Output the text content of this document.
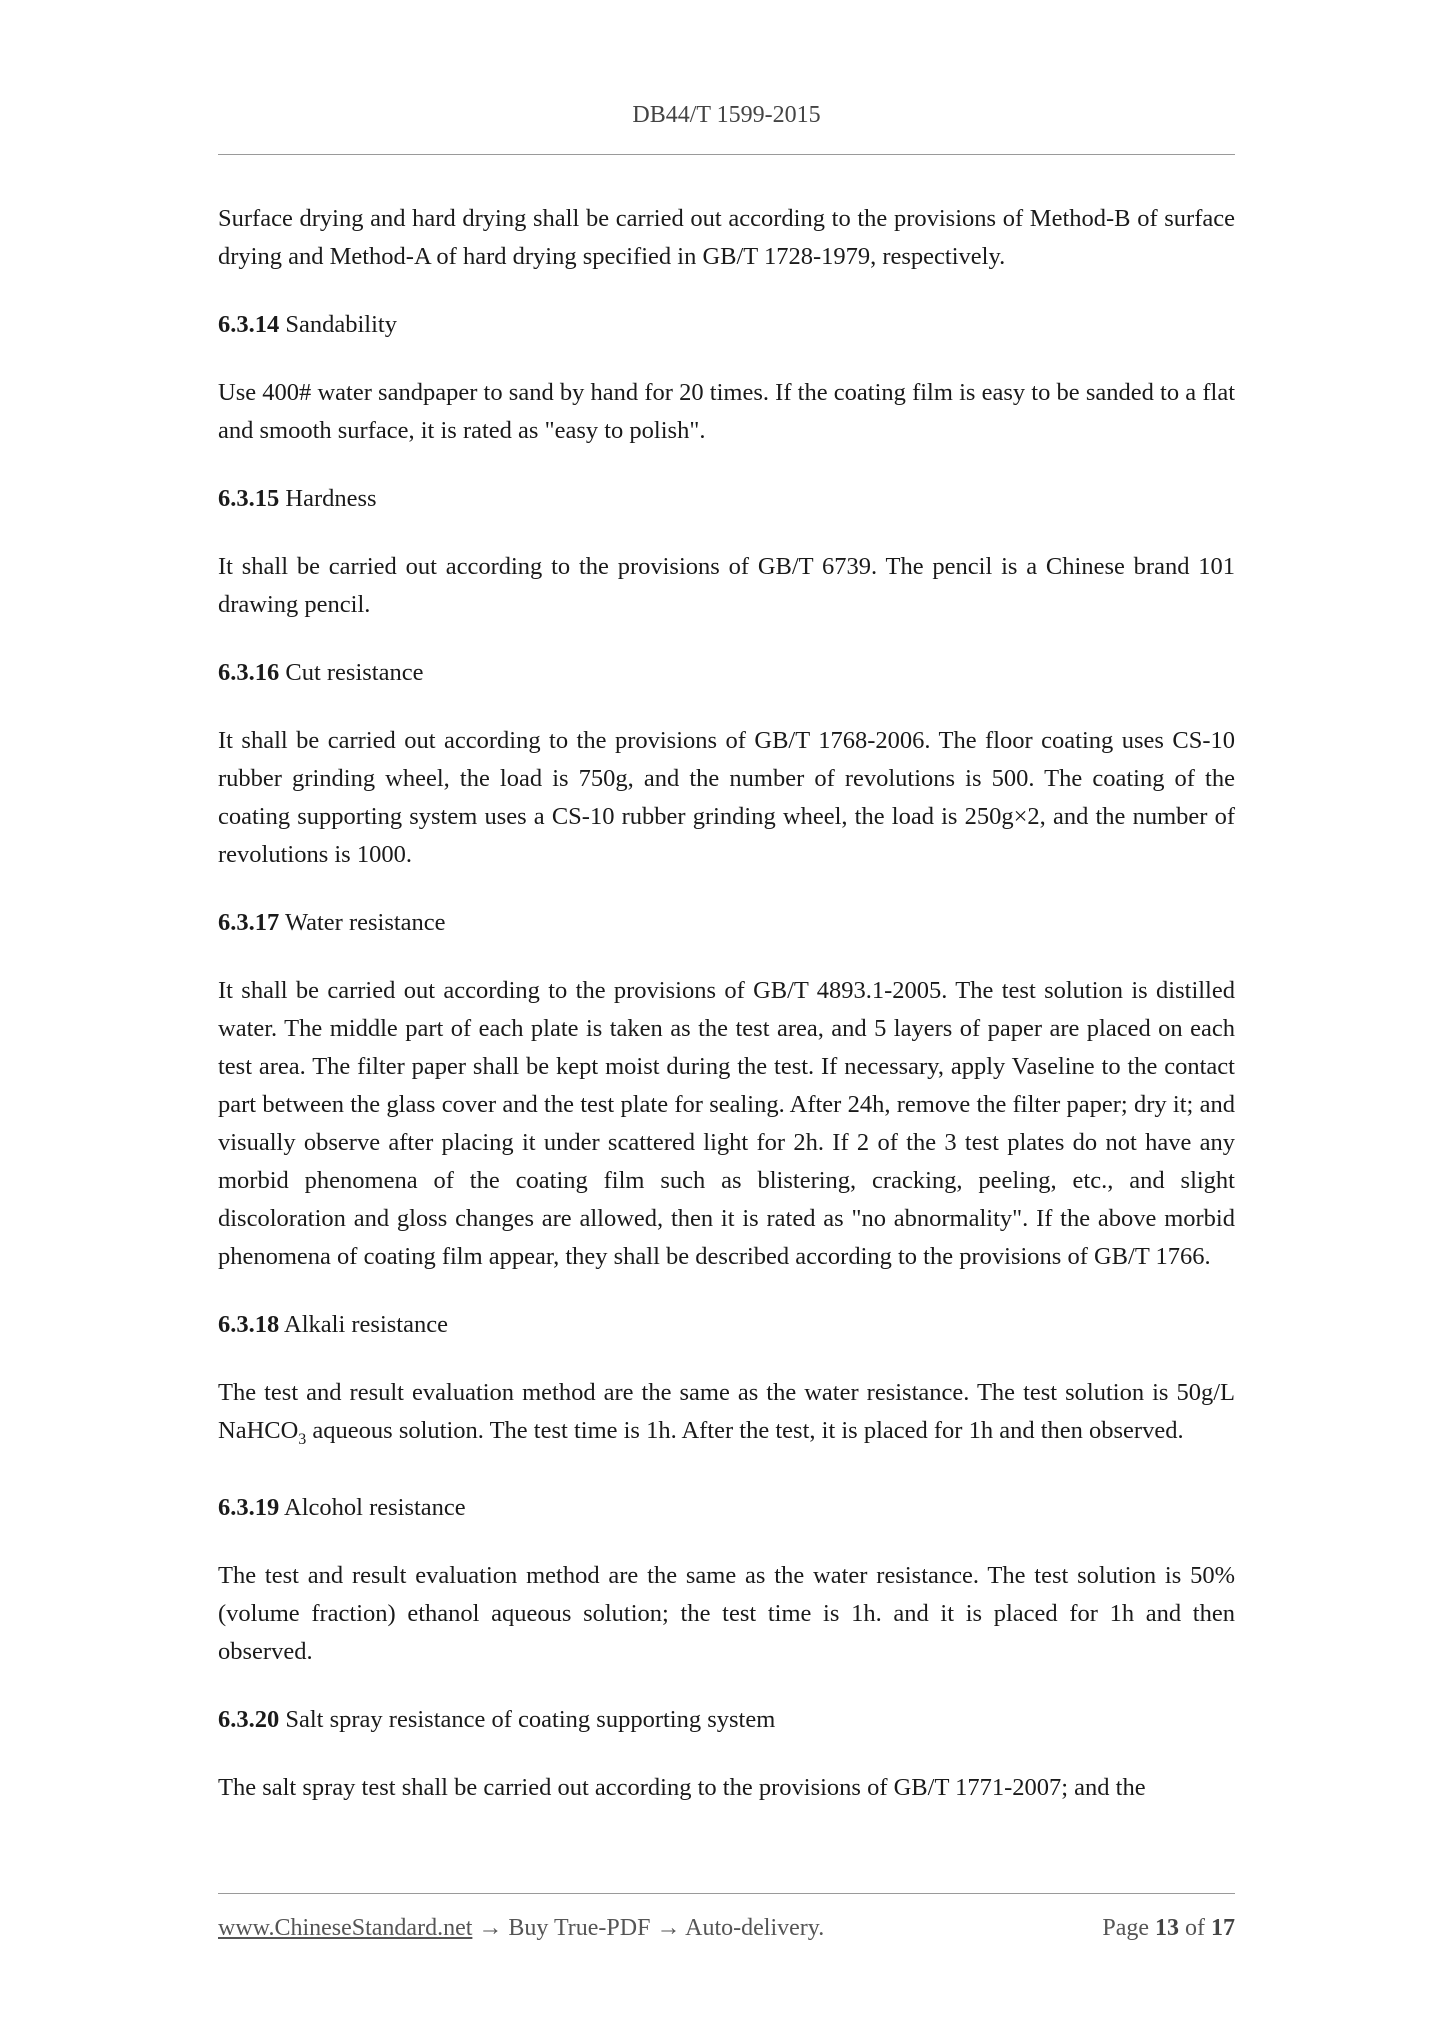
DB44/T 1599-2015

Surface drying and hard drying shall be carried out according to the provisions of Method-B of surface drying and Method-A of hard drying specified in GB/T 1728-1979, respectively.

6.3.14 Sandability

Use 400# water sandpaper to sand by hand for 20 times. If the coating film is easy to be sanded to a flat and smooth surface, it is rated as "easy to polish".

6.3.15 Hardness

It shall be carried out according to the provisions of GB/T 6739. The pencil is a Chinese brand 101 drawing pencil.

6.3.16 Cut resistance

It shall be carried out according to the provisions of GB/T 1768-2006. The floor coating uses CS-10 rubber grinding wheel, the load is 750g, and the number of revolutions is 500. The coating of the coating supporting system uses a CS-10 rubber grinding wheel, the load is 250g×2, and the number of revolutions is 1000.

6.3.17 Water resistance

It shall be carried out according to the provisions of GB/T 4893.1-2005. The test solution is distilled water. The middle part of each plate is taken as the test area, and 5 layers of paper are placed on each test area. The filter paper shall be kept moist during the test. If necessary, apply Vaseline to the contact part between the glass cover and the test plate for sealing. After 24h, remove the filter paper; dry it; and visually observe after placing it under scattered light for 2h. If 2 of the 3 test plates do not have any morbid phenomena of the coating film such as blistering, cracking, peeling, etc., and slight discoloration and gloss changes are allowed, then it is rated as "no abnormality". If the above morbid phenomena of coating film appear, they shall be described according to the provisions of GB/T 1766.

6.3.18 Alkali resistance

The test and result evaluation method are the same as the water resistance. The test solution is 50g/L NaHCO$_3$ aqueous solution. The test time is 1h. After the test, it is placed for 1h and then observed.

6.3.19 Alcohol resistance

The test and result evaluation method are the same as the water resistance. The test solution is 50% (volume fraction) ethanol aqueous solution; the test time is 1h. and it is placed for 1h and then observed.

6.3.20 Salt spray resistance of coating supporting system

The salt spray test shall be carried out according to the provisions of GB/T 1771-2007; and the

www.ChineseStandard.net → Buy True-PDF → Auto-delivery.	Page 13 of 17
